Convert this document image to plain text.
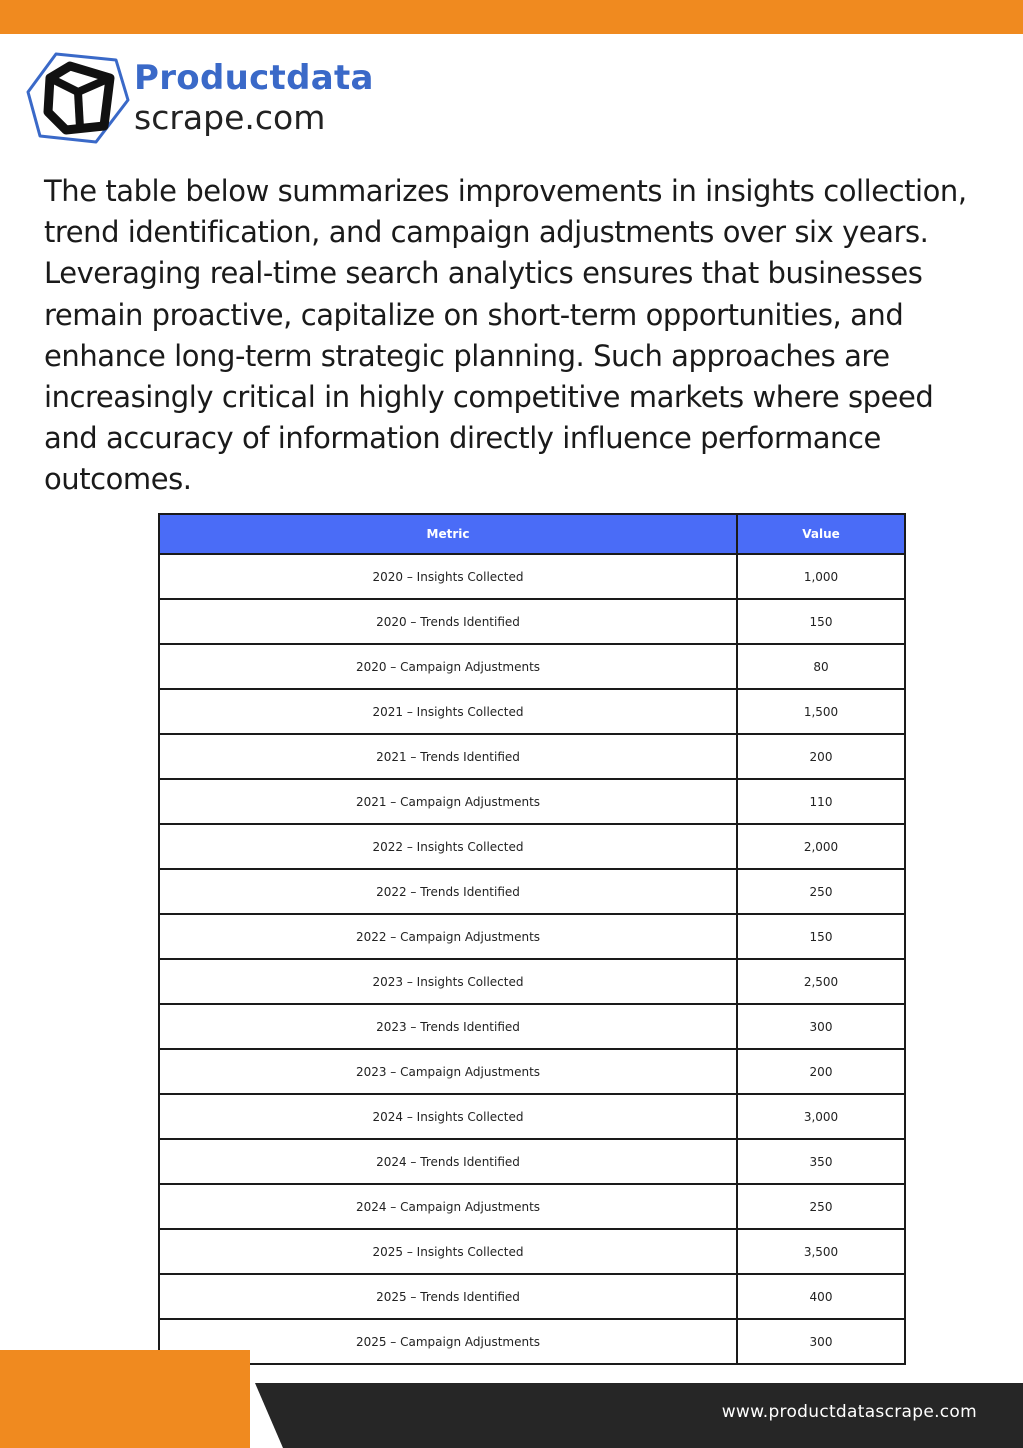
Productdata
scrape.com

The table below summarizes improvements in insights collection, trend identification, and campaign adjustments over six years. Leveraging real-time search analytics ensures that businesses remain proactive, capitalize on short-term opportunities, and enhance long-term strategic planning. Such approaches are increasingly critical in highly competitive markets where speed and accuracy of information directly influence performance outcomes.

Metric	Value
2020 – Insights Collected	1,000
2020 – Trends Identified	150
2020 – Campaign Adjustments	80
2021 – Insights Collected	1,500
2021 – Trends Identified	200
2021 – Campaign Adjustments	110
2022 – Insights Collected	2,000
2022 – Trends Identified	250
2022 – Campaign Adjustments	150
2023 – Insights Collected	2,500
2023 – Trends Identified	300
2023 – Campaign Adjustments	200
2024 – Insights Collected	3,000
2024 – Trends Identified	350
2024 – Campaign Adjustments	250
2025 – Insights Collected	3,500
2025 – Trends Identified	400
2025 – Campaign Adjustments	300
www.productdatascrape.com
